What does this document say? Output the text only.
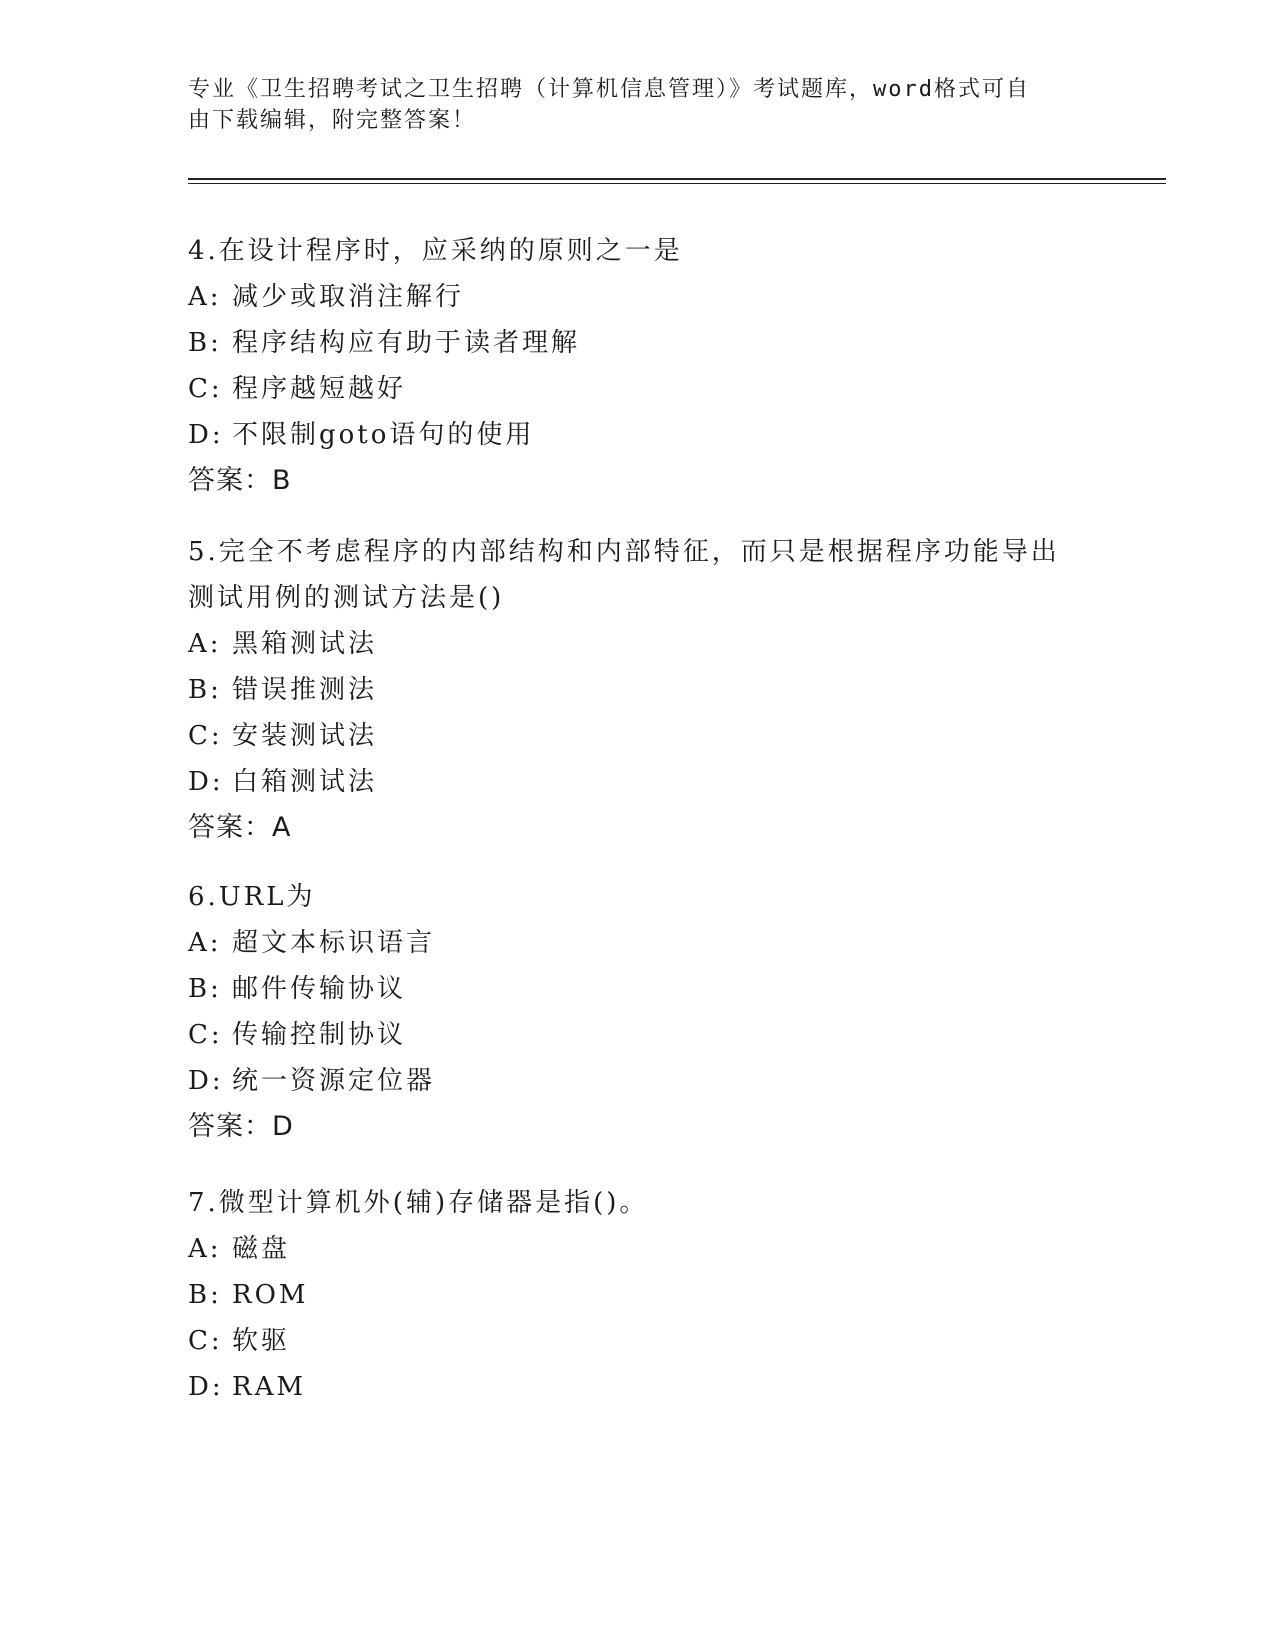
专业《卫生招聘考试之卫生招聘（计算机信息管理）》考试题库，word格式可自
由下载编辑，附完整答案！
4.在设计程序时，应采纳的原则之一是
A: 减少或取消注解行
B: 程序结构应有助于读者理解
C: 程序越短越好
D: 不限制goto语句的使用
答案：B
5.完全不考虑程序的内部结构和内部特征，而只是根据程序功能导出
测试用例的测试方法是()
A: 黑箱测试法
B: 错误推测法
C: 安装测试法
D: 白箱测试法
答案：A
6.URL为
A: 超文本标识语言
B: 邮件传输协议
C: 传输控制协议
D: 统一资源定位器
答案：D
7.微型计算机外(辅)存储器是指()。
A: 磁盘
B: ROM
C: 软驱
D: RAM
